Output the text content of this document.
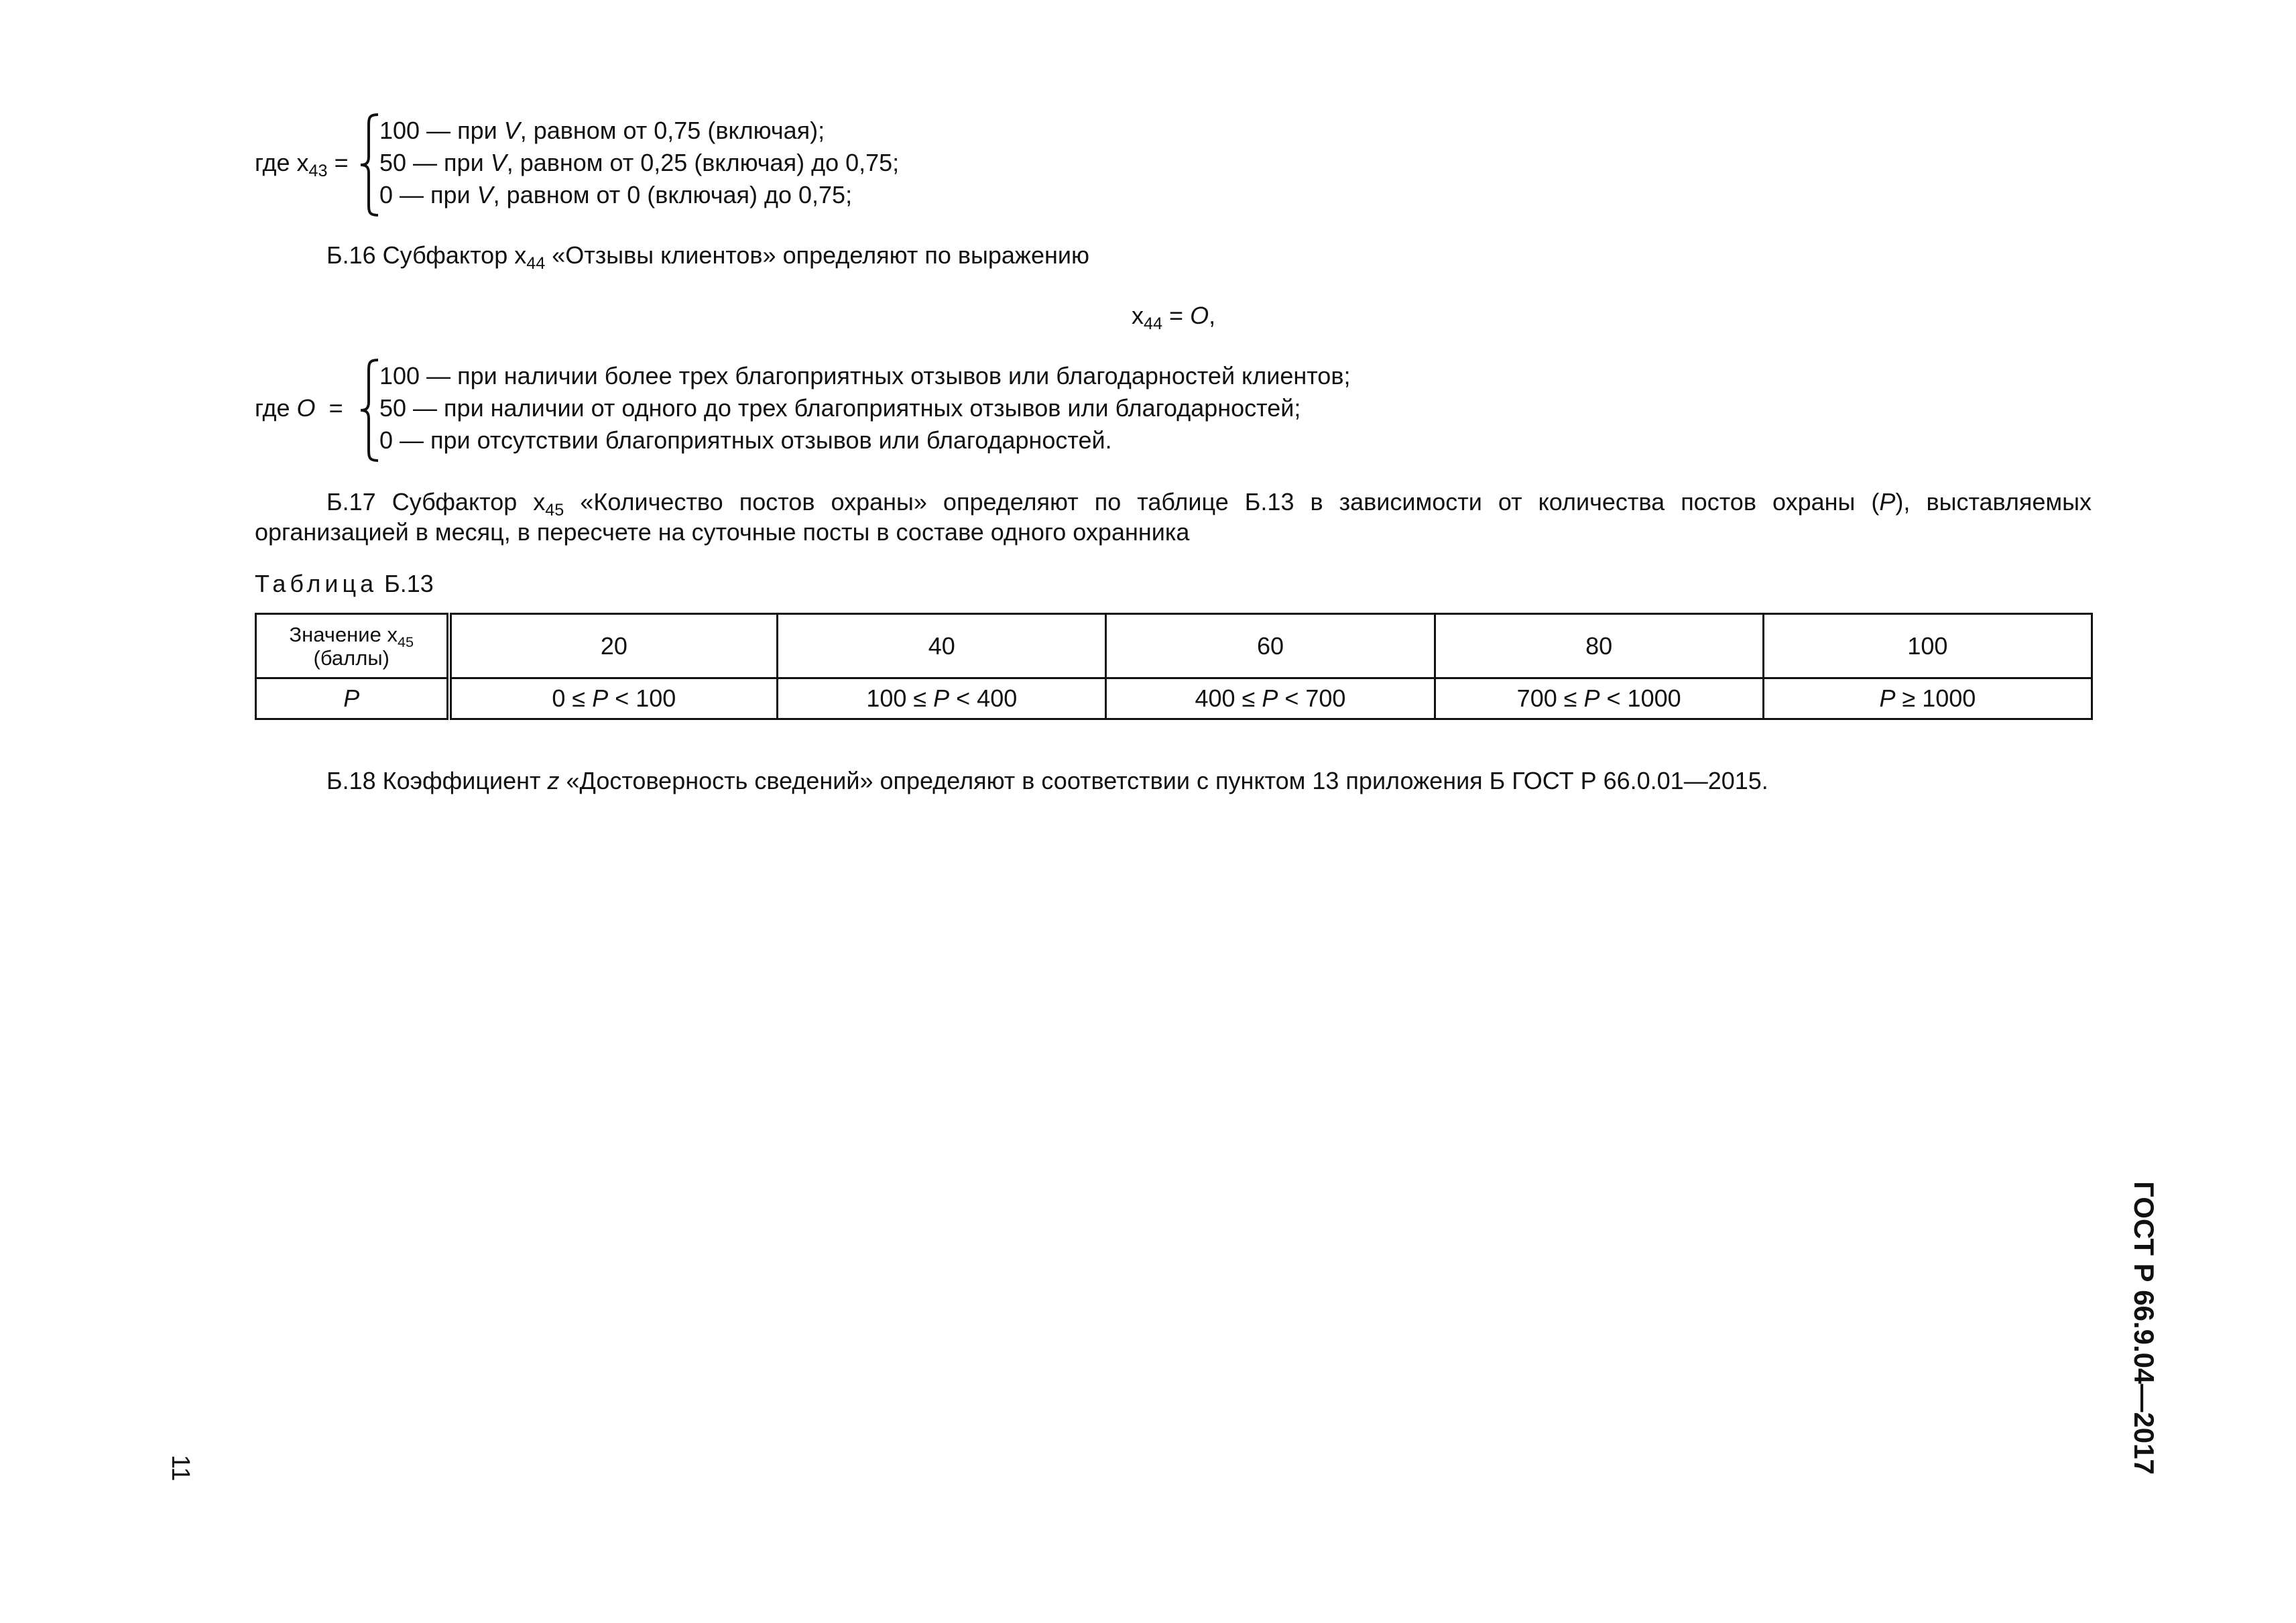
где $x_{43}$ =
100 — при V, равном от 0,75 (включая);
50 — при V, равном от 0,25 (включая) до 0,75;
0 — при V, равном от 0 (включая) до 0,75;
Б.16 Субфактор $x_{44}$ «Отзывы клиентов» определяют по выражению
$x_{44} = O$,
где O  =
100 — при наличии более трех благоприятных отзывов или благодарностей клиентов;
50 — при наличии от одного до трех благоприятных отзывов или благодарностей;
0 — при отсутствии благоприятных отзывов или благодарностей.
Б.17 Субфактор $x_{45}$ «Количество постов охраны» определяют по таблице Б.13 в зависимости от количества постов охраны (P), выставляемых организацией в месяц, в пересчете на суточные посты в составе одного охранника
Таблица Б.13
Значение $x_{45}$
(баллы)	20	40	60	80	100
P	0 ≤ P < 100	100 ≤ P < 400	400 ≤ P < 700	700 ≤ P < 1000	P ≥ 1000
Б.18 Коэффициент z «Достоверность сведений» определяют в соответствии с пунктом 13 приложения Б ГОСТ Р 66.0.01—2015.
11	ГОСТ Р 66.9.04—2017
